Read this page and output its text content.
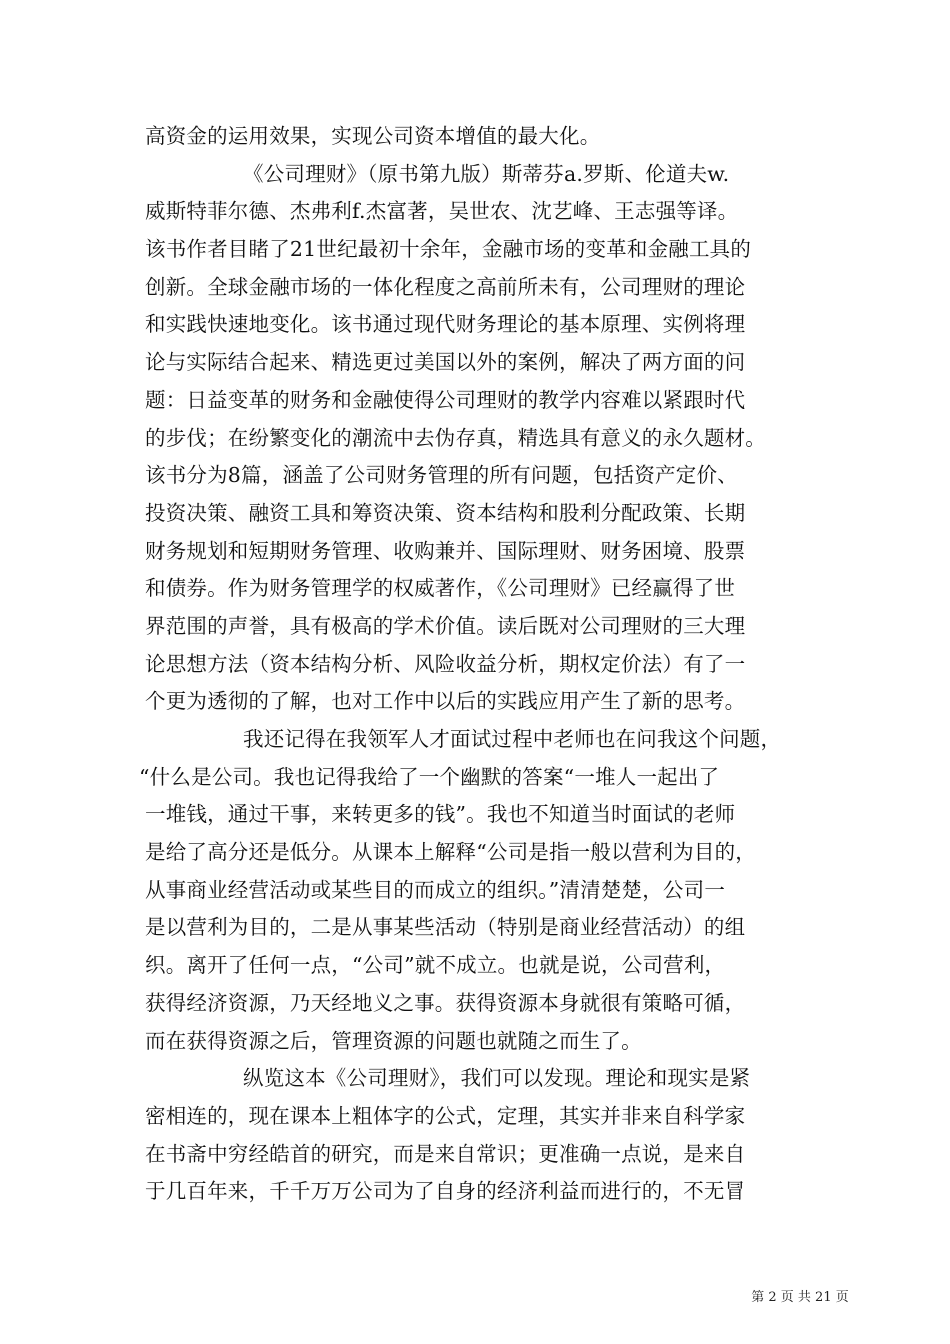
高资金的运用效果，实现公司资本增值的最大化。
《公司理财》（原书第九版）斯蒂芬a.罗斯、伦道夫w.
威斯特菲尔德、杰弗利f.杰富著，吴世农、沈艺峰、王志强等译。
该书作者目睹了21世纪最初十余年，金融市场的变革和金融工具的
创新。全球金融市场的一体化程度之高前所未有，公司理财的理论
和实践快速地变化。该书通过现代财务理论的基本原理、实例将理
论与实际结合起来、精选更过美国以外的案例，解决了两方面的问
题：日益变革的财务和金融使得公司理财的教学内容难以紧跟时代
的步伐；在纷繁变化的潮流中去伪存真，精选具有意义的永久题材。
该书分为8篇，涵盖了公司财务管理的所有问题，包括资产定价、
投资决策、融资工具和筹资决策、资本结构和股利分配政策、长期
财务规划和短期财务管理、收购兼并、国际理财、财务困境、股票
和债券。作为财务管理学的权威著作，《公司理财》已经赢得了世
界范围的声誉，具有极高的学术价值。读后既对公司理财的三大理
论思想方法（资本结构分析、风险收益分析，期权定价法）有了一
个更为透彻的了解，也对工作中以后的实践应用产生了新的思考。
我还记得在我领军人才面试过程中老师也在问我这个问题，
“什么是公司。我也记得我给了一个幽默的答案“一堆人一起出了
一堆钱，通过干事，来转更多的钱”。我也不知道当时面试的老师
是给了高分还是低分。从课本上解释“公司是指一般以营利为目的，
从事商业经营活动或某些目的而成立的组织。”清清楚楚，公司一
是以营利为目的，二是从事某些活动（特别是商业经营活动）的组
织。离开了任何一点，“公司”就不成立。也就是说，公司营利，
获得经济资源，乃天经地义之事。获得资源本身就很有策略可循，
而在获得资源之后，管理资源的问题也就随之而生了。
纵览这本《公司理财》，我们可以发现。理论和现实是紧
密相连的，现在课本上粗体字的公式，定理，其实并非来自科学家
在书斋中穷经皓首的研究，而是来自常识；更准确一点说，是来自
于几百年来，千千万万公司为了自身的经济利益而进行的，不无冒
第 2 页 共 21 页
